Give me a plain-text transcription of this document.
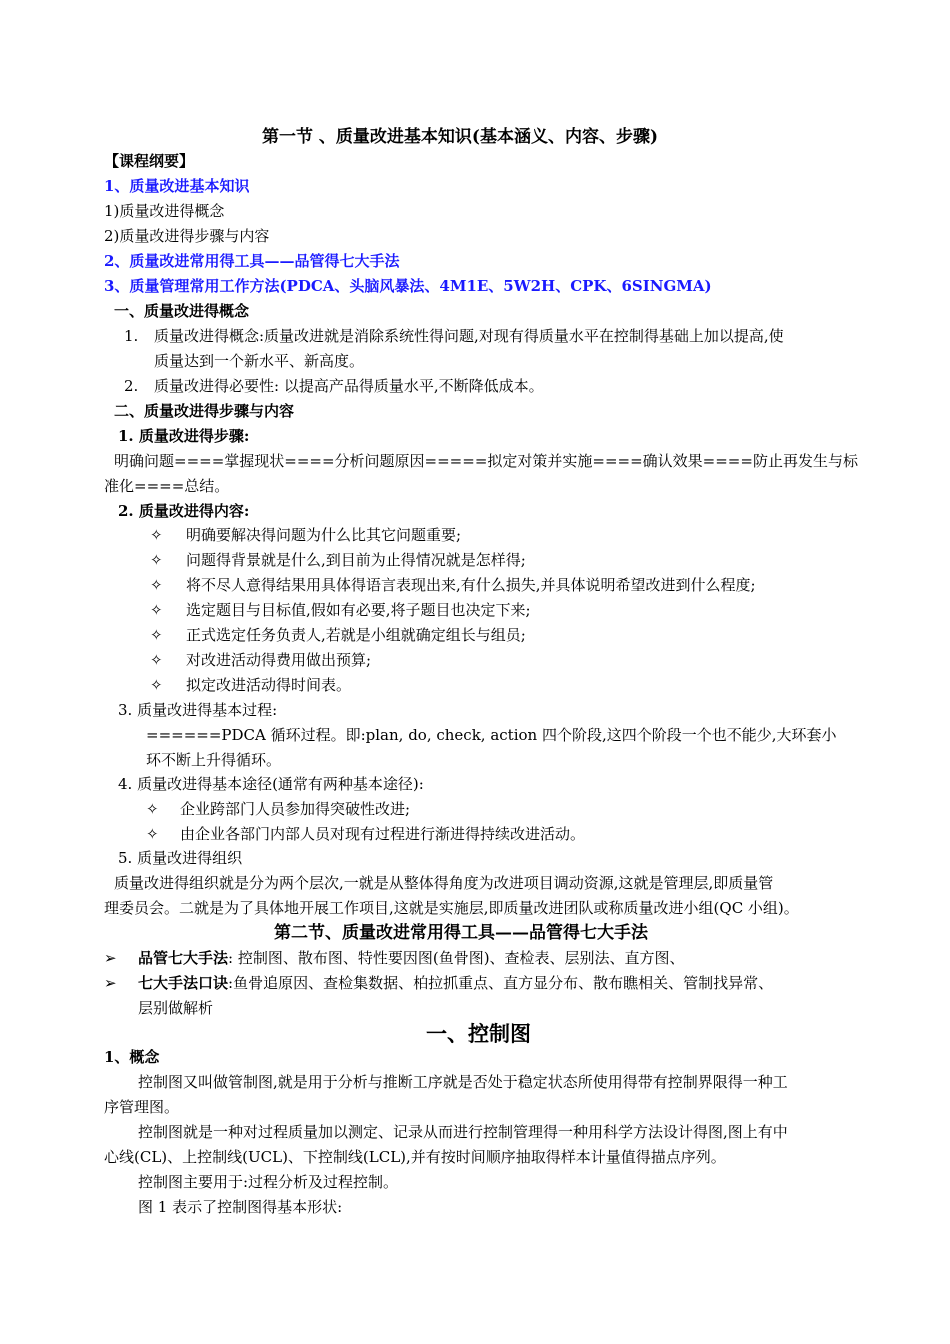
第一节 、质量改进基本知识(基本涵义、内容、步骤)
【课程纲要】
1、质量改进基本知识
1)质量改进得概念
2)质量改进得步骤与内容
2、质量改进常用得工具——品管得七大手法
3、质量管理常用工作方法(PDCA、头脑风暴法、4M1E、5W2H、CPK、6SINGMA)
一、质量改进得概念
1. 质量改进得概念:质量改进就是消除系统性得问题,对现有得质量水平在控制得基础上加以提高,使
质量达到一个新水平、新高度。
2. 质量改进得必要性: 以提高产品得质量水平,不断降低成本。
二、质量改进得步骤与内容
1. 质量改进得步骤:
明确问题====掌握现状====分析问题原因=====拟定对策并实施====确认效果====防止再发生与标
准化====总结。
2. 质量改进得内容:
✧ 明确要解决得问题为什么比其它问题重要;
✧ 问题得背景就是什么,到目前为止得情况就是怎样得;
✧ 将不尽人意得结果用具体得语言表现出来,有什么损失,并具体说明希望改进到什么程度;
✧ 选定题目与目标值,假如有必要,将子题目也决定下来;
✧ 正式选定任务负责人,若就是小组就确定组长与组员;
✧ 对改进活动得费用做出预算;
✧ 拟定改进活动得时间表。
3. 质量改进得基本过程:
======PDCA 循环过程。即:plan, do, check, action 四个阶段,这四个阶段一个也不能少,大环套小
环不断上升得循环。
4. 质量改进得基本途径(通常有两种基本途径):
✧ 企业跨部门人员参加得突破性改进;
✧ 由企业各部门内部人员对现有过程进行渐进得持续改进活动。
5. 质量改进得组织
质量改进得组织就是分为两个层次,一就是从整体得角度为改进项目调动资源,这就是管理层,即质量管
理委员会。二就是为了具体地开展工作项目,这就是实施层,即质量改进团队或称质量改进小组(QC 小组)。
第二节、质量改进常用得工具——品管得七大手法
➢ 品管七大手法: 控制图、散布图、特性要因图(鱼骨图)、查检表、层别法、直方图、
➢ 七大手法口诀:鱼骨追原因、查检集数据、柏拉抓重点、直方显分布、散布瞧相关、管制找异常、
层别做解析
一、控制图
1、概念
控制图又叫做管制图,就是用于分析与推断工序就是否处于稳定状态所使用得带有控制界限得一种工
序管理图。
控制图就是一种对过程质量加以测定、记录从而进行控制管理得一种用科学方法设计得图,图上有中
心线(CL)、上控制线(UCL)、下控制线(LCL),并有按时间顺序抽取得样本计量值得描点序列。
控制图主要用于:过程分析及过程控制。
图 1 表示了控制图得基本形状:
